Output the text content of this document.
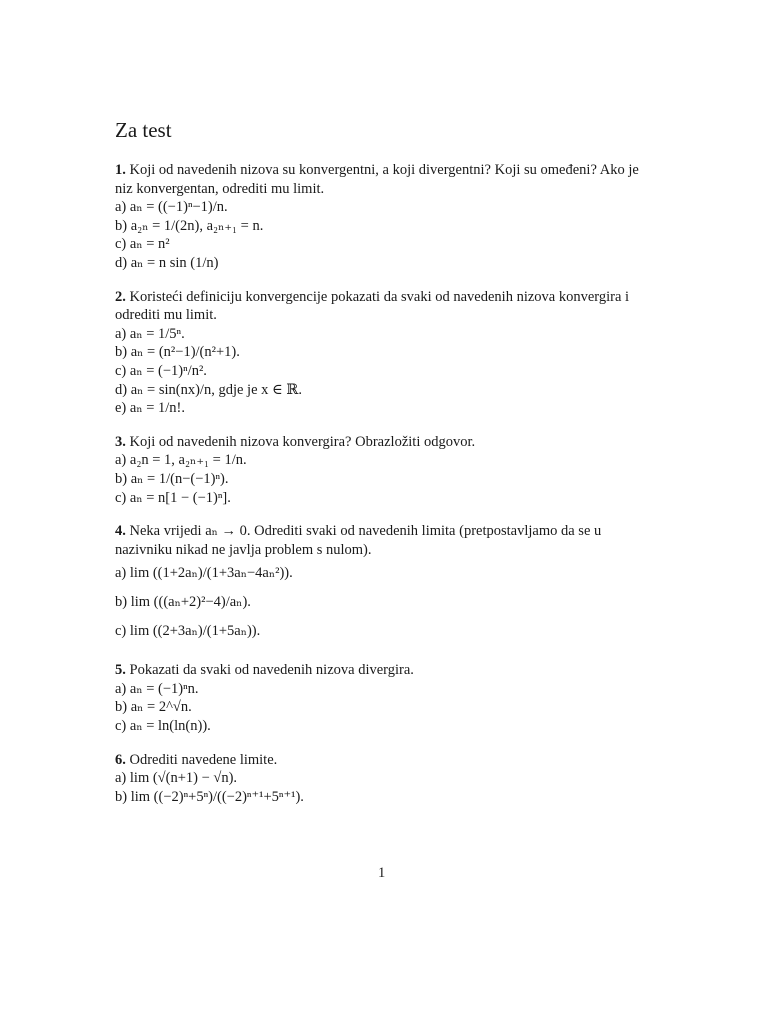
Za test
1. Koji od navedenih nizova su konvergentni, a koji divergentni? Koji su omeđeni? Ako je niz konvergentan, odrediti mu limit.
a) aₙ = ((−1)ⁿ−1)/n.
b) a₂ₙ = 1/(2n), a₂ₙ₊₁ = n.
c) aₙ = n²
d) aₙ = n sin (1/n)
2. Koristeći definiciju konvergencije pokazati da svaki od navedenih nizova konvergira i odrediti mu limit.
a) aₙ = 1/5ⁿ.
b) aₙ = (n²−1)/(n²+1).
c) aₙ = (−1)ⁿ/n².
d) aₙ = sin(nx)/n, gdje je x ∈ ℝ.
e) aₙ = 1/n!.
3. Koji od navedenih nizova konvergira? Obrazložiti odgovor.
a) a₂n = 1, a₂ₙ₊₁ = 1/n.
b) aₙ = 1/(n−(−1)ⁿ).
c) aₙ = n[1 − (−1)ⁿ].
4. Neka vrijedi aₙ → 0. Odrediti svaki od navedenih limita (pretpostavljamo da se u nazivniku nikad ne javlja problem s nulom).
a) lim ((1+2aₙ)/(1+3aₙ−4aₙ²)).
b) lim (((aₙ+2)²−4)/aₙ).
c) lim ((2+3aₙ)/(1+5aₙ)).
5. Pokazati da svaki od navedenih nizova divergira.
a) aₙ = (−1)ⁿn.
b) aₙ = 2^√n.
c) aₙ = ln(ln(n)).
6. Odrediti navedene limite.
a) lim (√(n+1) − √n).
b) lim ((−2)ⁿ+5ⁿ)/((−2)ⁿ⁺¹+5ⁿ⁺¹).
1
